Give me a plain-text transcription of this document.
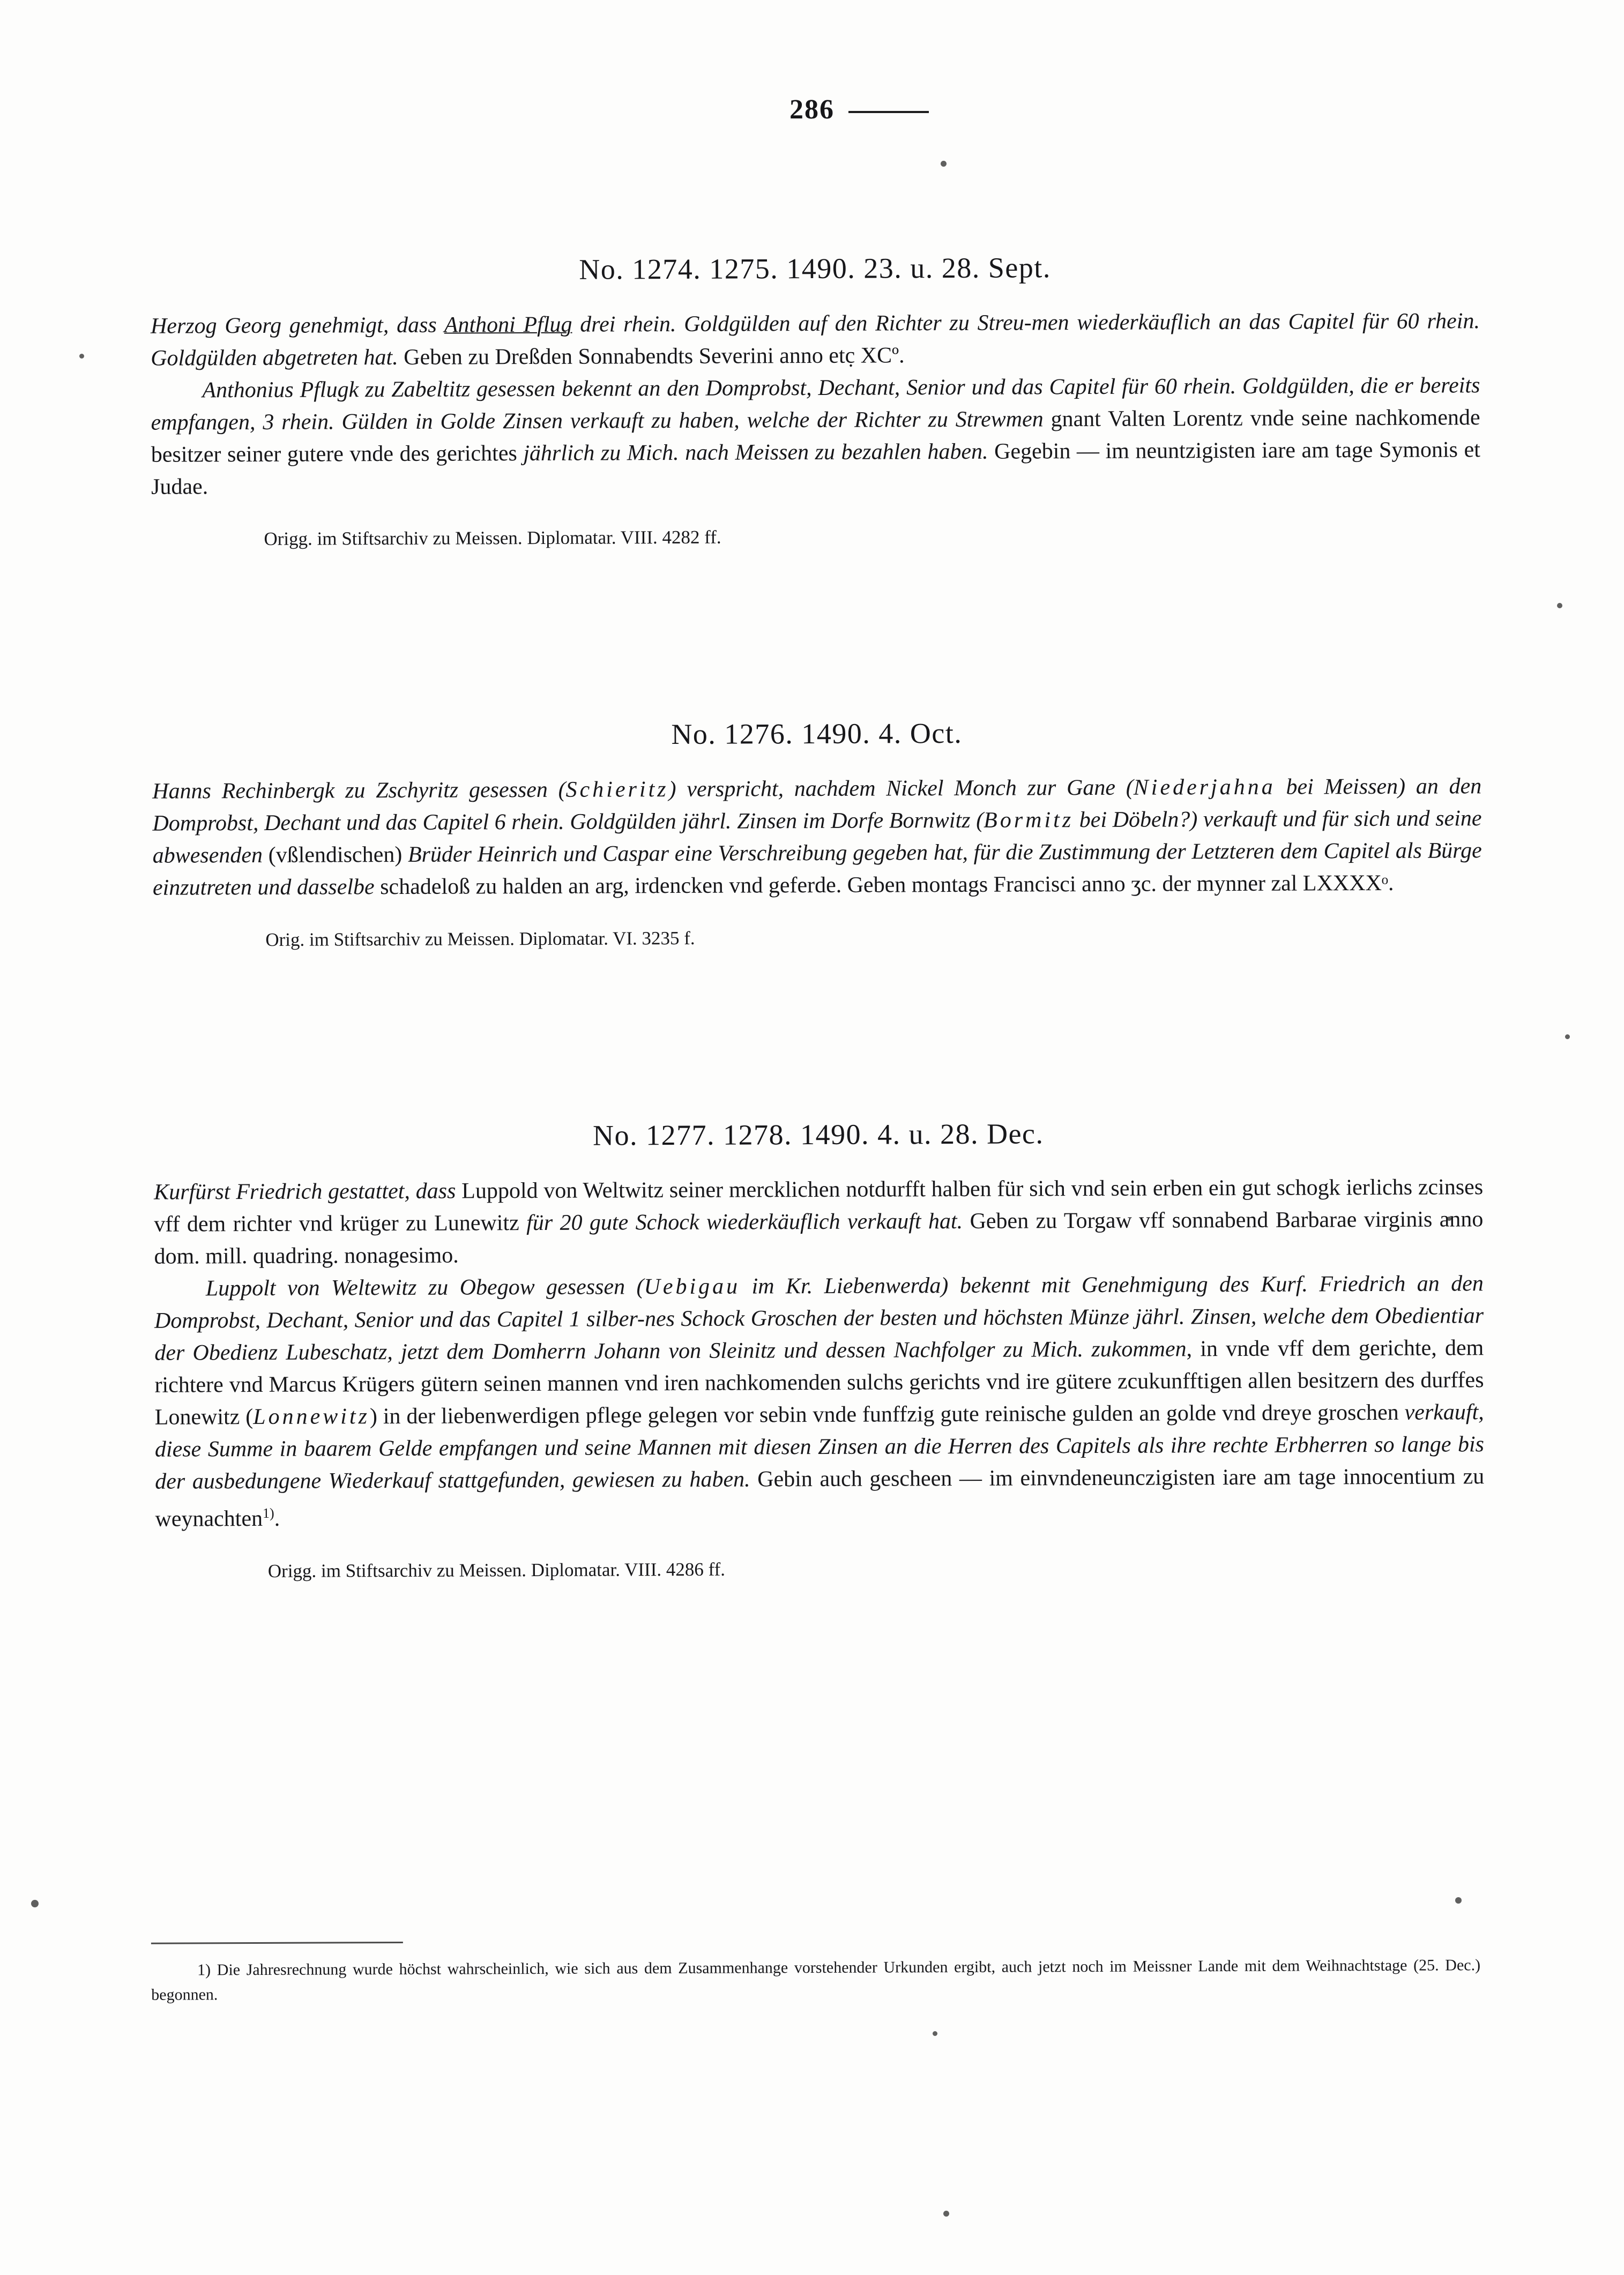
286
No. 1274. 1275. 1490. 23. u. 28. Sept.

Herzog Georg genehmigt, dass Anthoni Pflug drei rhein. Goldgülden auf den Richter zu Streu-men wiederkäuflich an das Capitel für 60 rhein. Goldgülden abgetreten hat. Geben zu Dreßden Sonnabendts Severini anno etc̣ XCº.

Anthonius Pflugk zu Zabeltitz gesessen bekennt an den Domprobst, Dechant, Senior und das Capitel für 60 rhein. Goldgülden, die er bereits empfangen, 3 rhein. Gülden in Golde Zinsen verkauft zu haben, welche der Richter zu Strewmen gnant Valten Lorentz vnde seine nachkomende besitzer seiner gutere vnde des gerichtes jährlich zu Mich. nach Meissen zu bezahlen haben. Gegebin — im neuntzigisten iare am tage Symonis et Judae.

Origg. im Stiftsarchiv zu Meissen. Diplomatar. VIII. 4282 ff.

No. 1276. 1490. 4. Oct.

Hanns Rechinbergk zu Zschyritz gesessen (Schieritz) verspricht, nachdem Nickel Monch zur Gane (Niederjahna bei Meissen) an den Domprobst, Dechant und das Capitel 6 rhein. Goldgülden jährl. Zinsen im Dorfe Bornwitz (Bormitz bei Döbeln?) verkauft und für sich und seine abwesenden (vßlendischen) Brüder Heinrich und Caspar eine Verschreibung gegeben hat, für die Zustimmung der Letzteren dem Capitel als Bürge einzutreten und dasselbe schadeloß zu halden an arg, irdencken vnd geferde. Geben montags Francisci anno ʒc. der mynner zal LXXXXᵒ.

Orig. im Stiftsarchiv zu Meissen. Diplomatar. VI. 3235 f.

No. 1277. 1278. 1490. 4. u. 28. Dec.

Kurfürst Friedrich gestattet, dass Luppold von Weltwitz seiner mercklichen notdurfft halben für sich vnd sein erben ein gut schogk ierlichs zcinses vff dem richter vnd krüger zu Lunewitz für 20 gute Schock wiederkäuflich verkauft hat. Geben zu Torgaw vff sonnabend Barbarae virginis anno dom. mill. quadring. nonagesimo.

Luppolt von Weltewitz zu Obegow gesessen (Uebigau im Kr. Liebenwerda) bekennt mit Genehmigung des Kurf. Friedrich an den Domprobst, Dechant, Senior und das Capitel 1 silber-nes Schock Groschen der besten und höchsten Münze jährl. Zinsen, welche dem Obedientiar der Obedienz Lubeschatz, jetzt dem Domherrn Johann von Sleinitz und dessen Nachfolger zu Mich. zukommen, in vnde vff dem gerichte, dem richtere vnd Marcus Krügers gütern seinen mannen vnd iren nachkomenden sulchs gerichts vnd ire gütere zcukunfftigen allen besitzern des durffes Lonewitz (Lonnewitz) in der liebenwerdigen pflege gelegen vor sebin vnde funffzig gute reinische gulden an golde vnd dreye groschen verkauft, diese Summe in baarem Gelde empfangen und seine Mannen mit diesen Zinsen an die Herren des Capitels als ihre rechte Erbherren so lange bis der ausbedungene Wiederkauf stattgefunden, gewiesen zu haben. Gebin auch gescheen — im einvndeneunczigisten iare am tage innocentium zu weynachten$^{1)}$.

Origg. im Stiftsarchiv zu Meissen. Diplomatar. VIII. 4286 ff.

1) Die Jahresrechnung wurde höchst wahrscheinlich, wie sich aus dem Zusammenhange vorstehender Urkunden ergibt, auch jetzt noch im Meissner Lande mit dem Weihnachtstage (25. Dec.) begonnen.
